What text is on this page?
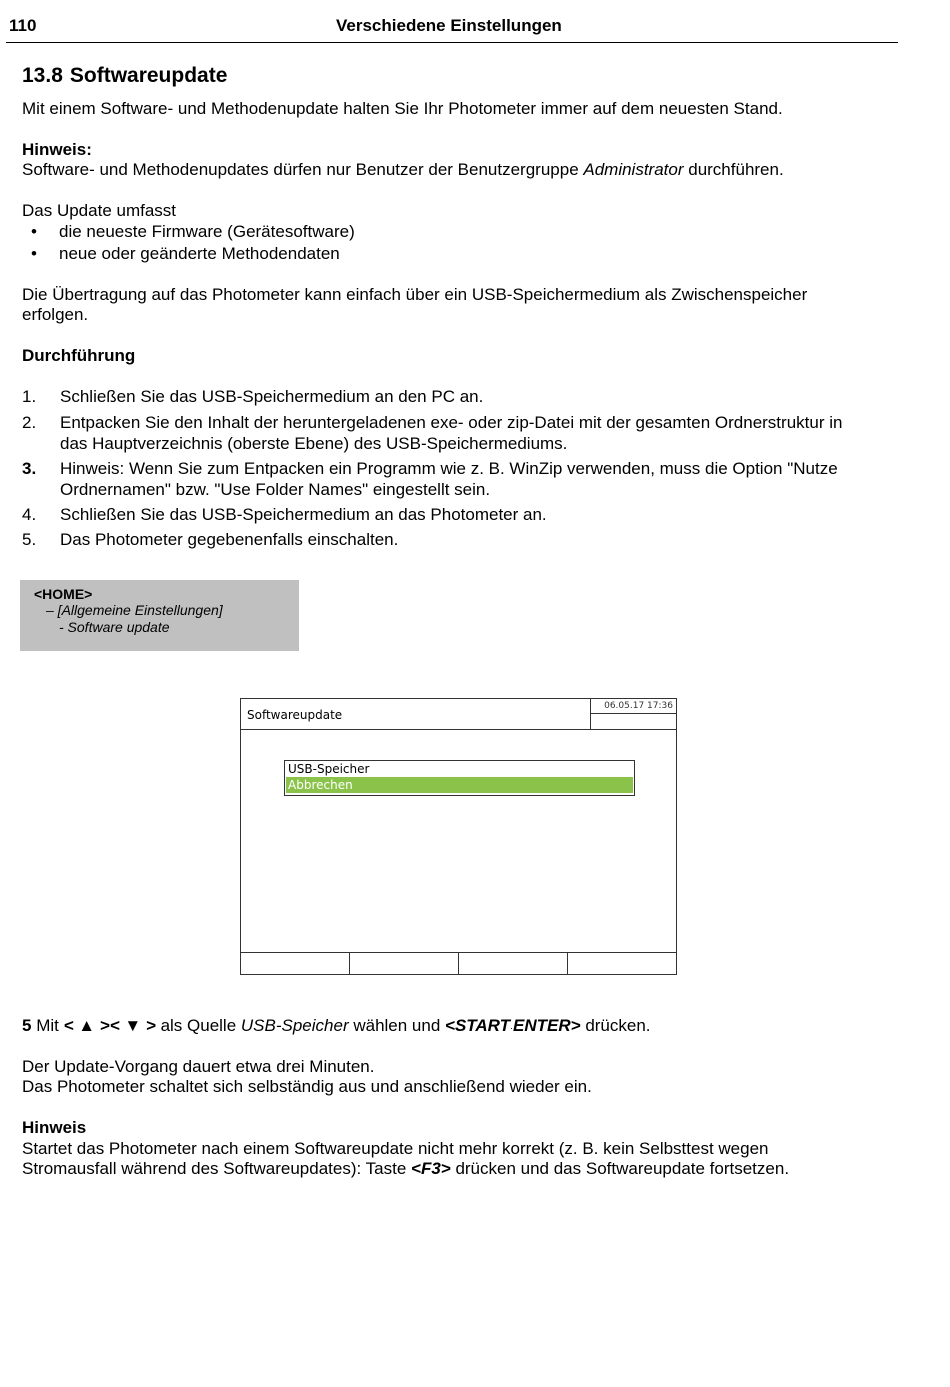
110	Verschiedene Einstellungen
13.8 Softwareupdate
Mit einem Software- und Methodenupdate halten Sie Ihr Photometer immer auf dem neuesten Stand.
Hinweis:
Software- und Methodenupdates dürfen nur Benutzer der Benutzergruppe Administrator durchführen.
Das Update umfasst
• die neueste Firmware (Gerätesoftware)
• neue oder geänderte Methodendaten
Die Übertragung auf das Photometer kann einfach über ein USB-Speichermedium als Zwischenspeicher
erfolgen.
Durchführung
1. Schließen Sie das USB-Speichermedium an den PC an.
2. Entpacken Sie den Inhalt der heruntergeladenen exe- oder zip-Datei mit der gesamten Ordnerstruktur in
das Hauptverzeichnis (oberste Ebene) des USB-Speichermediums.
3. Hinweis: Wenn Sie zum Entpacken ein Programm wie z. B. WinZip verwenden, muss die Option "Nutze
Ordnernamen" bzw. "Use Folder Names" eingestellt sein.
4. Schließen Sie das USB-Speichermedium an das Photometer an.
5. Das Photometer gegebenenfalls einschalten.
<HOME>
– [Allgemeine Einstellungen]
- Software update
Softwareupdate
06.05.17 17:36
USB-Speicher
Abbrechen
5 Mit < ▲ >< ▼ > als Quelle USB-Speicher wählen und <START·ENTER> drücken.
Der Update-Vorgang dauert etwa drei Minuten.
Das Photometer schaltet sich selbständig aus und anschließend wieder ein.
Hinweis
Startet das Photometer nach einem Softwareupdate nicht mehr korrekt (z. B. kein Selbsttest wegen
Stromausfall während des Softwareupdates): Taste <F3> drücken und das Softwareupdate fortsetzen.
